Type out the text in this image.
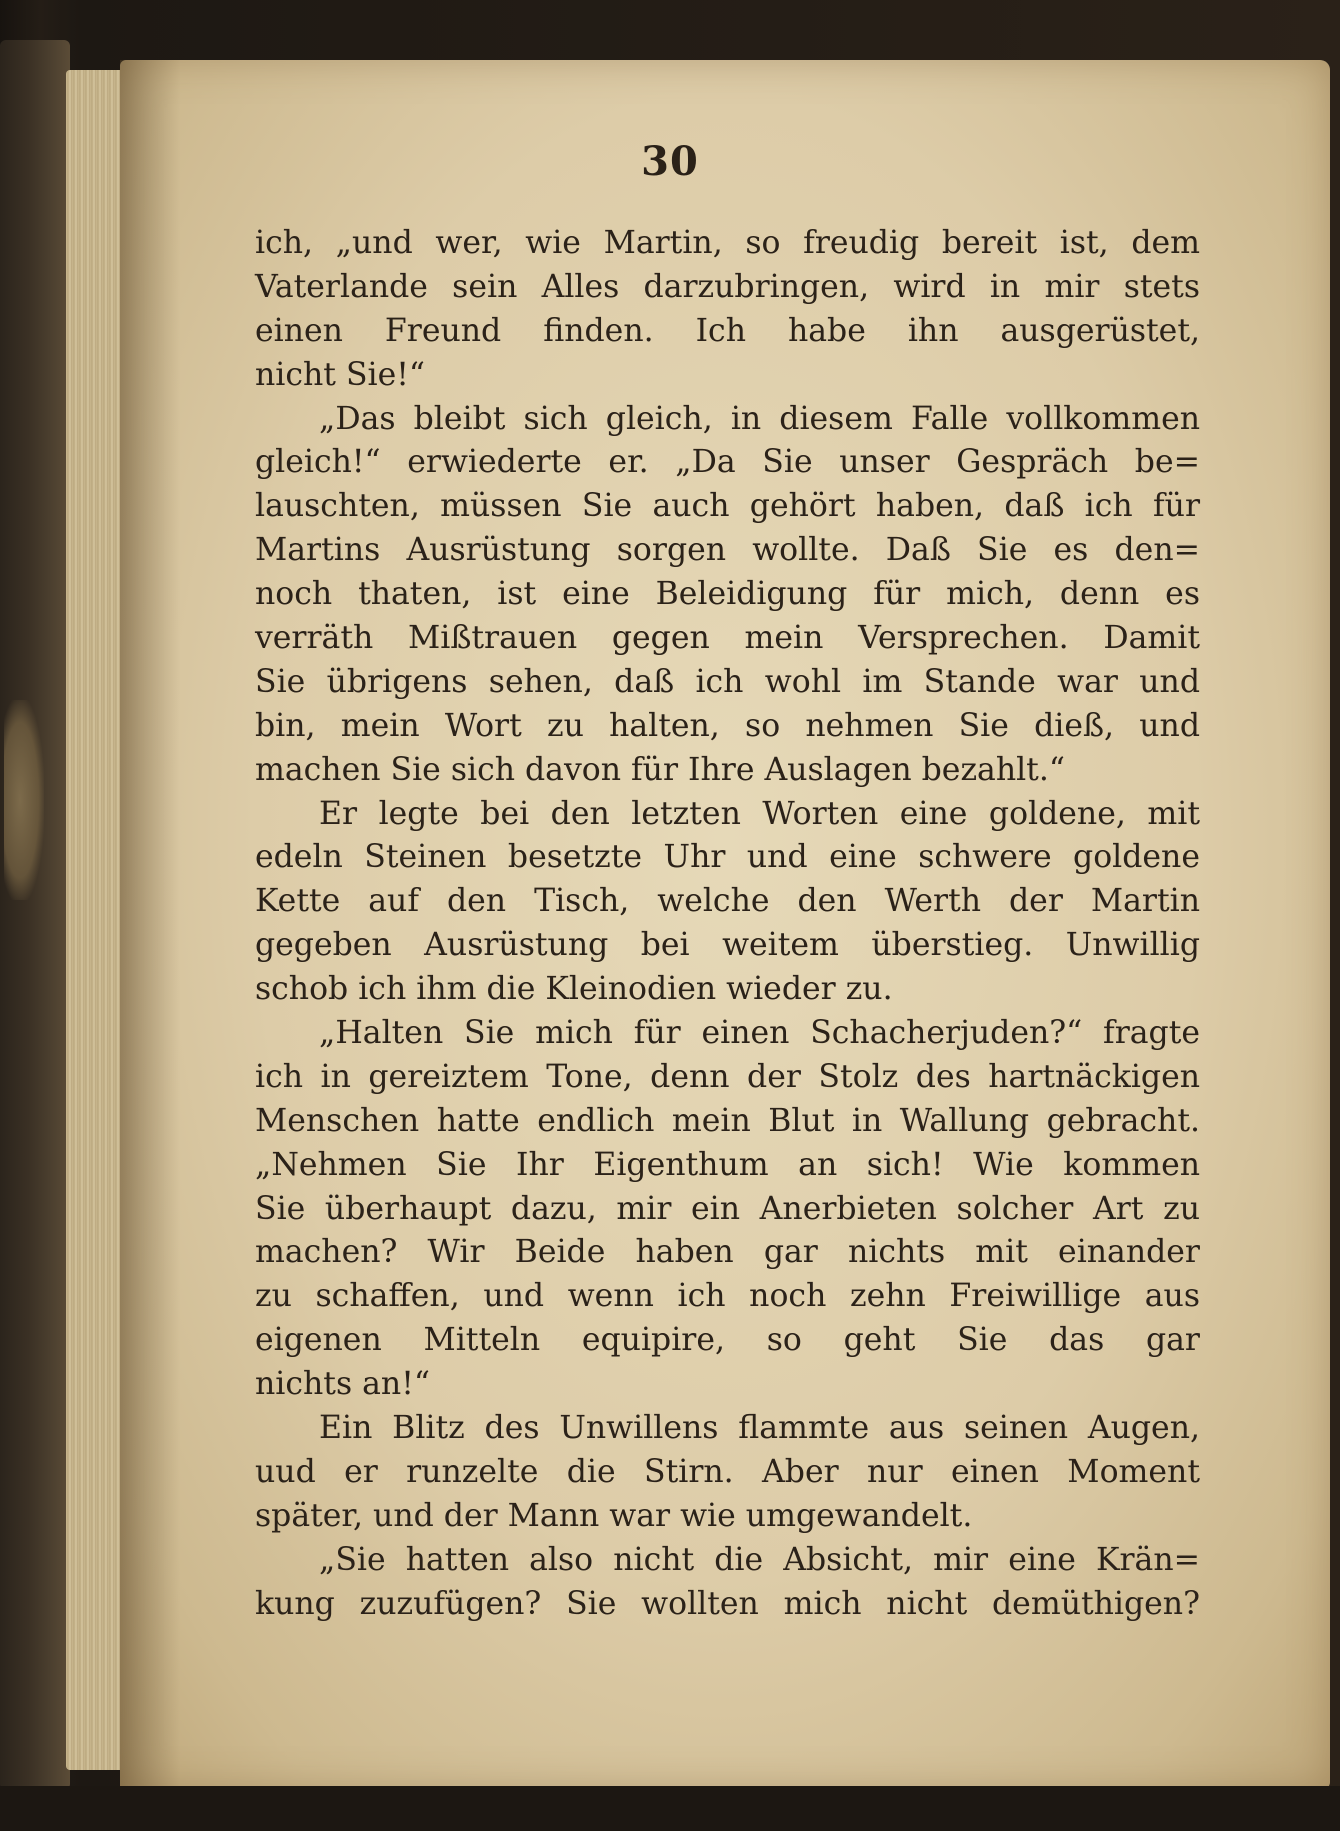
30
ich, „und wer, wie Martin, so freudig bereit ist, dem
Vaterlande sein Alles darzubringen, wird in mir stets
einen Freund finden. Ich habe ihn ausgerüstet,
nicht Sie!“
„Das bleibt sich gleich, in diesem Falle vollkommen
gleich!“ erwiederte er. „Da Sie unser Gespräch be=
lauschten, müssen Sie auch gehört haben, daß ich für
Martins Ausrüstung sorgen wollte. Daß Sie es den=
noch thaten, ist eine Beleidigung für mich, denn es
verräth Mißtrauen gegen mein Versprechen. Damit
Sie übrigens sehen, daß ich wohl im Stande war und
bin, mein Wort zu halten, so nehmen Sie dieß, und
machen Sie sich davon für Ihre Auslagen bezahlt.“
Er legte bei den letzten Worten eine goldene, mit
edeln Steinen besetzte Uhr und eine schwere goldene
Kette auf den Tisch, welche den Werth der Martin
gegeben Ausrüstung bei weitem überstieg. Unwillig
schob ich ihm die Kleinodien wieder zu.
„Halten Sie mich für einen Schacherjuden?“ fragte
ich in gereiztem Tone, denn der Stolz des hartnäckigen
Menschen hatte endlich mein Blut in Wallung gebracht.
„Nehmen Sie Ihr Eigenthum an sich! Wie kommen
Sie überhaupt dazu, mir ein Anerbieten solcher Art zu
machen? Wir Beide haben gar nichts mit einander
zu schaffen, und wenn ich noch zehn Freiwillige aus
eigenen Mitteln equipire, so geht Sie das gar
nichts an!“
Ein Blitz des Unwillens flammte aus seinen Augen,
uud er runzelte die Stirn. Aber nur einen Moment
später, und der Mann war wie umgewandelt.
„Sie hatten also nicht die Absicht, mir eine Krän=
kung zuzufügen? Sie wollten mich nicht demüthigen?
